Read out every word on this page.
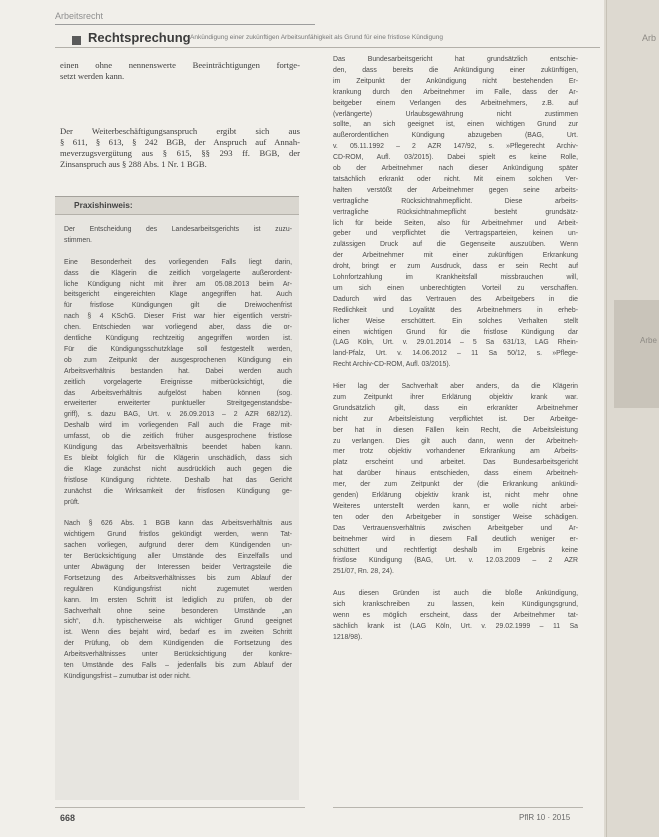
Arbeitsrecht
Rechtsprechung Ankündigung einer zukünftigen Arbeitsunfähigkeit als Grund für eine fristlose Kündigung
einen ohne nennenswerte Beeinträchtigungen fortge-
setzt werden kann.
Der Weiterbeschäftigungsanspruch ergibt sich aus
§ 611, § 613, § 242 BGB, der Anspruch auf Annah-
meverzugsvergütung aus § 615, §§ 293 ff. BGB, der
Zinsanspruch aus § 288 Abs. 1 Nr. 1 BGB.
Praxishinweis:
Der Entscheidung des Landesarbeitsgerichts ist zuzu-
stimmen.
Eine Besonderheit des vorliegenden Falls liegt darin,
dass die Klägerin die zeitlich vorgelagerte außerordent-
liche Kündigung nicht mit ihrer am 05.08.2013 beim Ar-
beitsgericht eingereichten Klage angegriffen hat. Auch
für fristlose Kündigungen gilt die Dreiwochenfrist
nach § 4 KSchG. Dieser Frist war hier eigentlich verstri-
chen. Entschieden war vorliegend aber, dass die or-
dentliche Kündigung rechtzeitig angegriffen worden ist.
Für die Kündigungsschutzklage soll festgestellt werden,
ob zum Zeitpunkt der ausgesprochenen Kündigung ein
Arbeitsverhältnis bestanden hat. Dabei werden auch
zeitlich vorgelagerte Ereignisse mitberücksichtigt, die
das Arbeitsverhältnis aufgelöst haben können (sog.
erweiterter erweiterter punktueller Streitgegenstandsbe-
griff), s. dazu BAG, Urt. v. 26.09.2013 – 2 AZR 682/12).
Deshalb wird im vorliegenden Fall auch die Frage mit-
umfasst, ob die zeitlich früher ausgesprochene fristlose
Kündigung das Arbeitsverhältnis beendet haben kann.
Es bleibt folglich für die Klägerin unschädlich, dass sich
die Klage zunächst nicht ausdrücklich auch gegen die
fristlose Kündigung richtete. Deshalb hat das Gericht
zunächst die Wirksamkeit der fristlosen Kündigung ge-
prüft.
Nach § 626 Abs. 1 BGB kann das Arbeitsverhältnis aus
wichtigem Grund fristlos gekündigt werden, wenn Tat-
sachen vorliegen, aufgrund derer dem Kündigenden un-
ter Berücksichtigung aller Umstände des Einzelfalls und
unter Abwägung der Interessen beider Vertragsteile die
Fortsetzung des Arbeitsverhältnisses bis zum Ablauf der
regulären Kündigungsfrist nicht zugemutet werden
kann. Im ersten Schritt ist lediglich zu prüfen, ob der
Sachverhalt ohne seine besonderen Umstände „an
sich“, d.h. typischerweise als wichtiger Grund geeignet
ist. Wenn dies bejaht wird, bedarf es im zweiten Schritt
der Prüfung, ob dem Kündigenden die Fortsetzung des
Arbeitsverhältnisses unter Berücksichtigung der konkre-
ten Umstände des Falls – jedenfalls bis zum Ablauf der
Kündigungsfrist – zumutbar ist oder nicht.
Das Bundesarbeitsgericht hat grundsätzlich entschie-
den, dass bereits die Ankündigung einer zukünftigen,
im Zeitpunkt der Ankündigung nicht bestehenden Er-
krankung durch den Arbeitnehmer im Falle, dass der Ar-
beitgeber einem Verlangen des Arbeitnehmers, z.B. auf
(verlängerte) Urlaubsgewährung nicht zustimmen
sollte, an sich geeignet ist, einen wichtigen Grund zur
außerordentlichen Kündigung abzugeben (BAG, Urt.
v. 05.11.1992 – 2 AZR 147/92, s. »Pflegerecht Archiv-
CD-ROM, Aufl. 03/2015). Dabei spielt es keine Rolle,
ob der Arbeitnehmer nach dieser Ankündigung später
tatsächlich erkrankt oder nicht. Mit einem solchen Ver-
halten verstößt der Arbeitnehmer gegen seine arbeits-
vertragliche Rücksichtnahmepflicht. Diese arbeits-
vertragliche Rücksichtnahmepflicht besteht grundsätz-
lich für beide Seiten, also für Arbeitnehmer und Arbeit-
geber und verpflichtet die Vertragsparteien, keinen un-
zulässigen Druck auf die Gegenseite auszuüben. Wenn
der Arbeitnehmer mit einer zukünftigen Erkrankung
droht, bringt er zum Ausdruck, dass er sein Recht auf
Lohnfortzahlung im Krankheitsfall missbrauchen will,
um sich einen unberechtigten Vorteil zu verschaffen.
Dadurch wird das Vertrauen des Arbeitgebers in die
Redlichkeit und Loyalität des Arbeitnehmers in erheb-
licher Weise erschüttert. Ein solches Verhalten stellt
einen wichtigen Grund für die fristlose Kündigung dar
(LAG Köln, Urt. v. 29.01.2014 – 5 Sa 631/13, LAG Rhein-
land-Pfalz, Urt. v. 14.06.2012 – 11 Sa 50/12, s. »Pflege-
Recht Archiv-CD-ROM, Aufl. 03/2015).
Hier lag der Sachverhalt aber anders, da die Klägerin
zum Zeitpunkt ihrer Erklärung objektiv krank war.
Grundsätzlich gilt, dass ein erkrankter Arbeitnehmer
nicht zur Arbeitsleistung verpflichtet ist. Der Arbeitge-
ber hat in diesen Fällen kein Recht, die Arbeitsleistung
zu verlangen. Dies gilt auch dann, wenn der Arbeitneh-
mer trotz objektiv vorhandener Erkrankung am Arbeits-
platz erscheint und arbeitet. Das Bundesarbeitsgericht
hat darüber hinaus entschieden, dass einem Arbeitneh-
mer, der zum Zeitpunkt der (die Erkrankung ankündi-
genden) Erklärung objektiv krank ist, nicht mehr ohne
Weiteres unterstellt werden kann, er wolle nicht arbei-
ten oder den Arbeitgeber in sonstiger Weise schädigen.
Das Vertrauensverhältnis zwischen Arbeitgeber und Ar-
beitnehmer wird in diesem Fall deutlich weniger er-
schüttert und rechtfertigt deshalb im Ergebnis keine
fristlose Kündigung (BAG, Urt. v. 12.03.2009 – 2 AZR
251/07, Rn. 28, 24).
Aus diesen Gründen ist auch die bloße Ankündigung,
sich krankschreiben zu lassen, kein Kündigungsgrund,
wenn es möglich erscheint, dass der Arbeitnehmer tat-
sächlich krank ist (LAG Köln, Urt. v. 29.02.1999 – 11 Sa
1218/98).
668	PflR 10 · 2015
Arb
Arbe
